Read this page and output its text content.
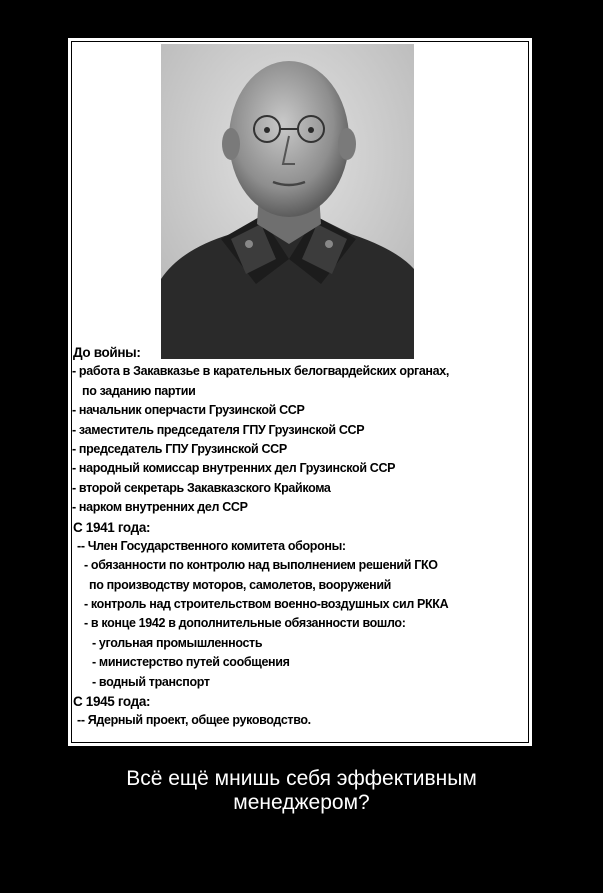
До войны:
- работа в Закавказье в карательных белогвардейских органах,
по заданию партии
- начальник оперчасти Грузинской ССР
- заместитель председателя ГПУ Грузинской ССР
- председатель ГПУ Грузинской ССР
- народный комиссар внутренних дел Грузинской ССР
- второй секретарь Закавказского Крайкома
- нарком внутренних дел ССР
С 1941 года:
-- Член Государственного комитета обороны:
- обязанности по контролю над выполнением решений ГКО
по производству моторов, самолетов, вооружений
- контроль над строительством военно-воздушных сил РККА
- в конце 1942 в дополнительные обязанности вошло:
- угольная промышленность
- министерство путей сообщения
- водный транспорт
С 1945 года:
-- Ядерный проект, общее руководство.
Всё ещё мнишь себя эффективным
менеджером?
